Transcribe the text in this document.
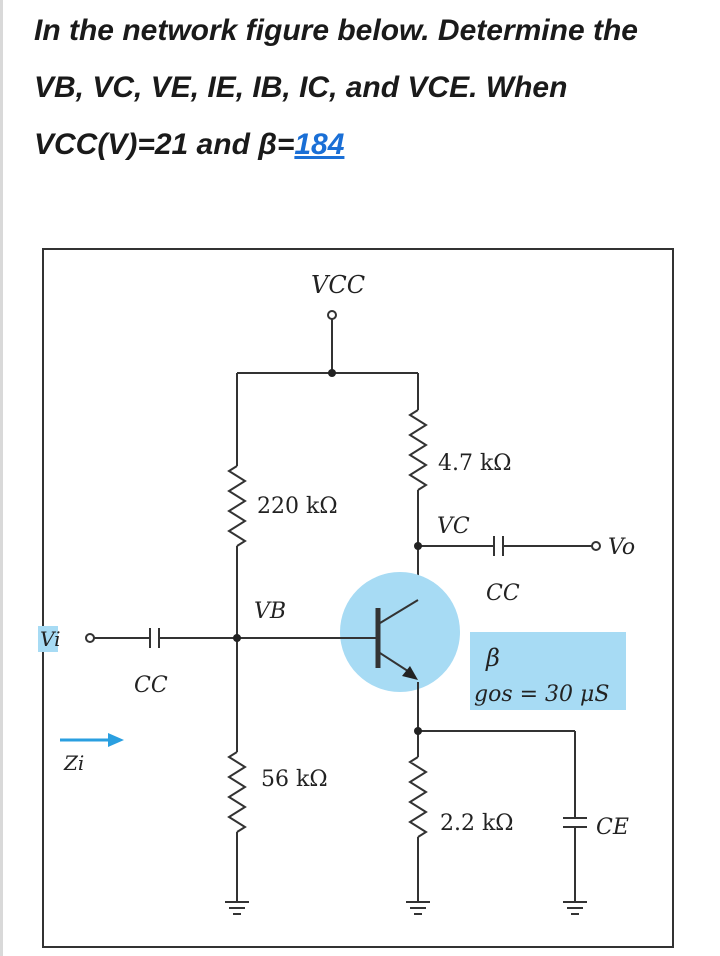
In the network figure below. Determine the
VB, VC, VE, IE, IB, IC, and VCE. When
VCC(V)=21 and β=184
VCC
4.7 kΩ
220 kΩ
VC
Vo
CC
VB
Vi
CC
β
gos = 30 μS
Zi
56 kΩ
2.2 kΩ	CE
